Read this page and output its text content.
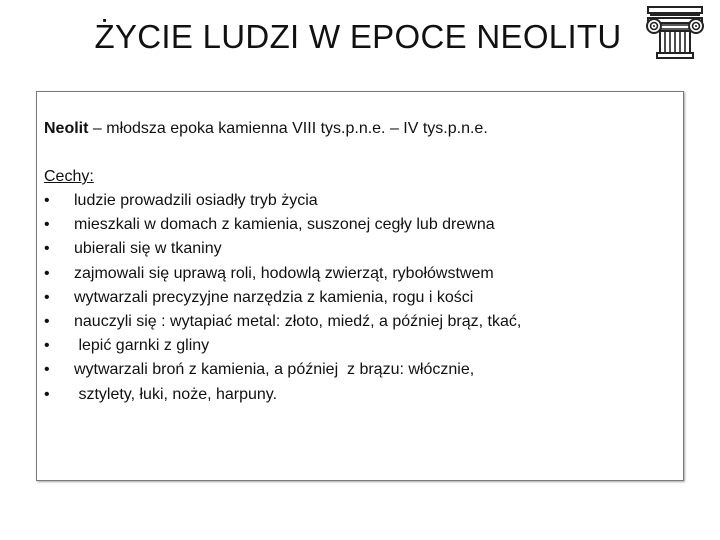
ŻYCIE LUDZI W EPOCE NEOLITU
Neolit – młodsza epoka kamienna VIII tys.p.n.e. – IV tys.p.n.e.
Cechy:
• ludzie prowadzili osiadły tryb życia
• mieszkali w domach z kamienia, suszonej cegły lub drewna
• ubierali się w tkaniny
• zajmowali się uprawą roli, hodowlą zwierząt, rybołówstwem
• wytwarzali precyzyjne narzędzia z kamienia, rogu i kości
• nauczyli się : wytapiać metal: złoto, miedź, a później brąz, tkać,
• lepić garnki z gliny
• wytwarzali broń z kamienia, a później  z brązu: włócznie,
• sztylety, łuki, noże, harpuny.
